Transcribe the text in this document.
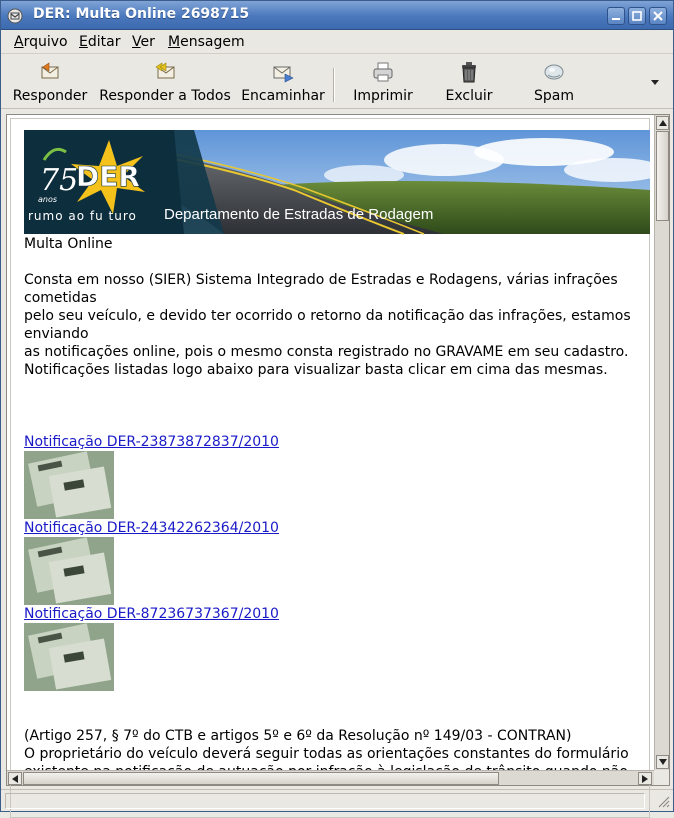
DER: Multa Online 2698715
Arquivo Editar Ver Mensagem
Responder Responder a Todos Encaminhar Imprimir Excluir	Spam
DER
75
anos
rumo ao fu turo Departamento de Estradas de Rodagem

Multa Online

Consta em nosso (SIER) Sistema Integrado de Estradas e Rodagens, várias infrações

cometidas

pelo seu veículo, e devido ter ocorrido o retorno da notificação das infrações, estamos

enviando

as notificações online, pois o mesmo consta registrado no GRAVAME em seu cadastro.

Notificações listadas logo abaixo para visualizar basta clicar em cima das mesmas.

Notificação DER-23873872837/2010
Notificação DER-24342262364/2010
Notificação DER-87236737367/2010

(Artigo 257, § 7º do CTB e artigos 5º e 6º da Resolução nº 149/03 - CONTRAN)

O proprietário do veículo deverá seguir todas as orientações constantes do formulário
